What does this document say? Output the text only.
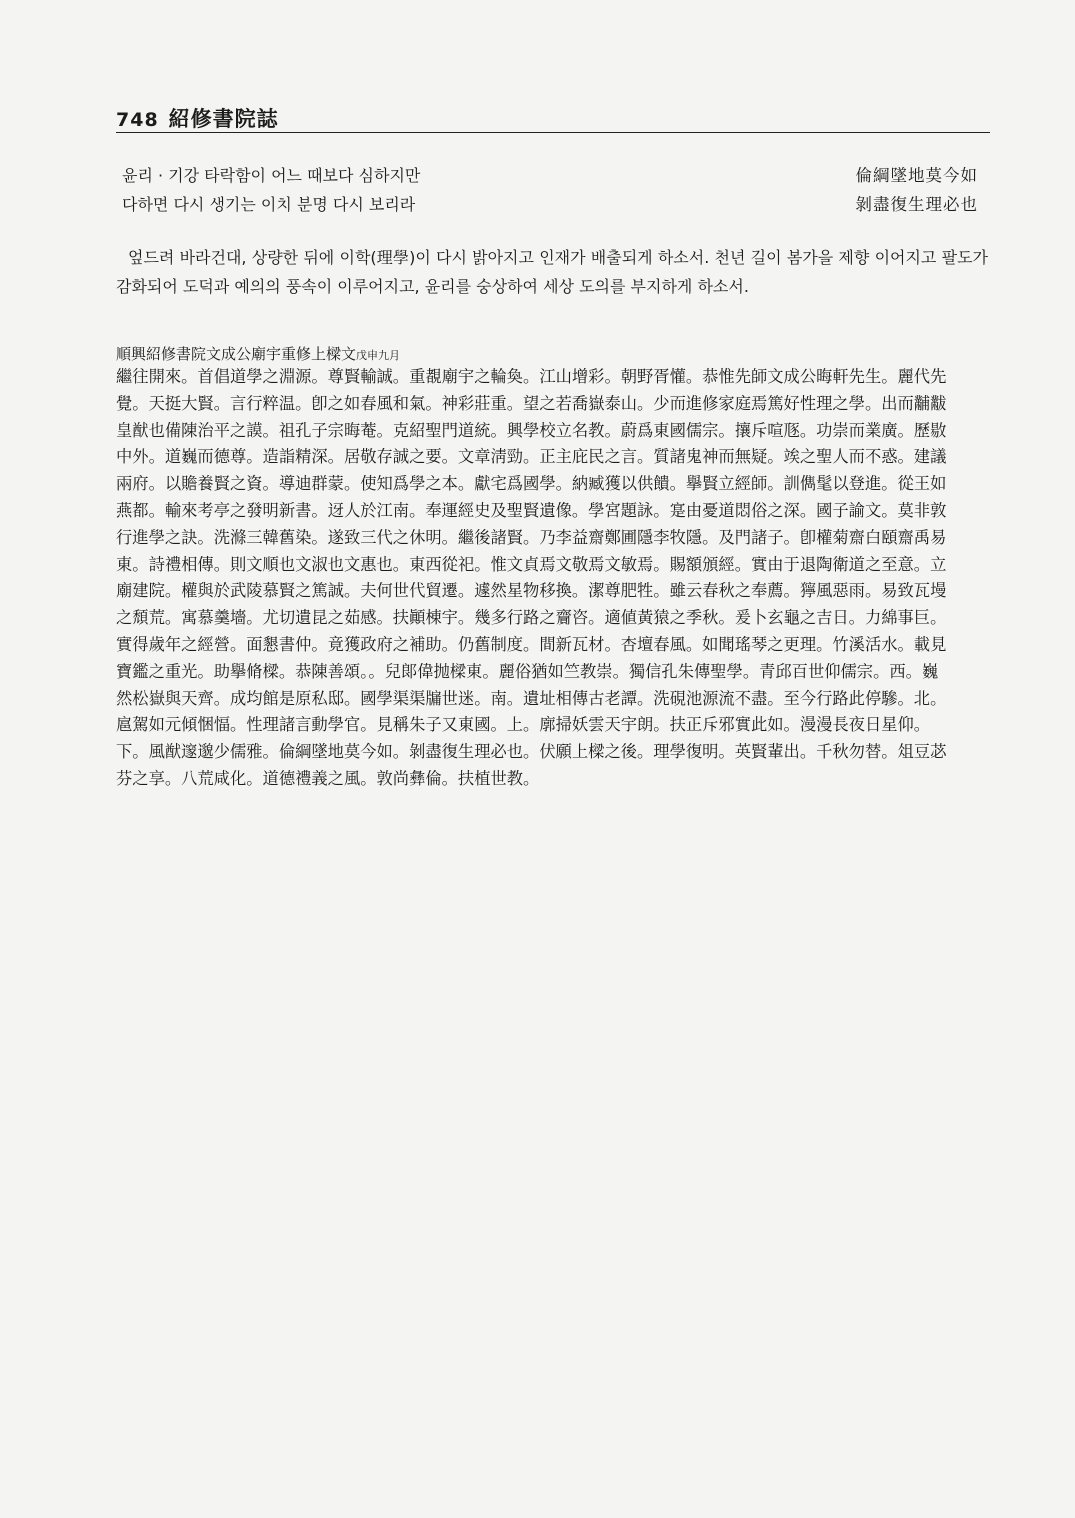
748 紹修書院誌
윤리 · 기강 타락함이 어느 때보다 심하지만
다하면 다시 생기는 이치 분명 다시 보리라
倫綱墜地莫今如
剝盡復生理必也
엎드려 바라건대, 상량한 뒤에 이학(理學)이 다시 밝아지고 인재가 배출되게 하소서. 천년 길이 봄가을 제향 이어지고 팔도가 감화되어 도덕과 예의의 풍속이 이루어지고, 윤리를 숭상하여 세상 도의를 부지하게 하소서.
順興紹修書院文成公廟宇重修上樑文戊申九月
繼往開來。首倡道學之淵源。尊賢輸誠。重覩廟宇之輪奐。江山增彩。朝野胥懽。恭惟先師文成公晦軒先生。麗代先
覺。天挺大賢。言行粹温。卽之如春風和氣。神彩莊重。望之若喬嶽泰山。少而進修家庭焉篤好性理之學。出而黼黻
皇猷也備陳治平之謨。祖孔子宗晦菴。克紹聖門道統。興學校立名教。蔚爲東國儒宗。攘斥喧豗。功崇而業廣。歷敭
中外。道巍而德尊。造詣精深。居敬存誠之要。文章淸勁。正主庇民之言。質諸鬼神而無疑。竢之聖人而不惑。建議
兩府。以贍養賢之資。導迪群蒙。使知爲學之本。獻宅爲國學。納臧獲以供饋。擧賢立經師。訓儁髦以登進。從王如
燕都。輸來考亭之發明新書。迓人於江南。奉運經史及聖賢遺像。學宮題詠。寔由憂道悶俗之深。國子諭文。莫非敦
行進學之訣。洗滌三韓舊染。遂致三代之休明。繼後諸賢。乃李益齋鄭圃隱李牧隱。及門諸子。卽權菊齋白頤齋禹易
東。詩禮相傳。則文順也文淑也文惠也。東西從祀。惟文貞焉文敬焉文敏焉。賜額頒經。實由于退陶衛道之至意。立
廟建院。權與於武陵慕賢之篤誠。夫何世代貿遷。遽然星物移換。潔尊肥牲。雖云春秋之奉薦。獰風惡雨。易致瓦墁
之頹荒。寓慕羹墻。尤切遺昆之茹感。扶顚棟宇。幾多行路之齎咨。適値黃猿之季秋。爰卜玄龜之吉日。力綿事巨。
實得歲年之經營。面懇書仲。竟獲政府之補助。仍舊制度。間新瓦材。杏壇春風。如聞瑤琴之更理。竹溪活水。載見
寶鑑之重光。助擧脩樑。恭陳善頌。。兒郞偉抛樑東。麗俗猶如竺教崇。獨信孔朱傳聖學。青邱百世仰儒宗。西。巍
然松嶽與天齊。成均館是原私邸。國學渠渠牖世迷。南。遺址相傳古老譚。洗硯池源流不盡。至今行路此停驂。北。
扈駕如元傾悃愊。性理諸言動學官。見稱朱子又東國。上。廓掃妖雲天宇朗。扶正斥邪實此如。漫漫長夜日星仰。
下。風猷邃邈少儒雅。倫綱墜地莫今如。剝盡復生理必也。伏願上樑之後。理學復明。英賢輩出。千秋勿替。俎豆苾
芬之享。八荒咸化。道德禮義之風。敦尚彝倫。扶植世教。
